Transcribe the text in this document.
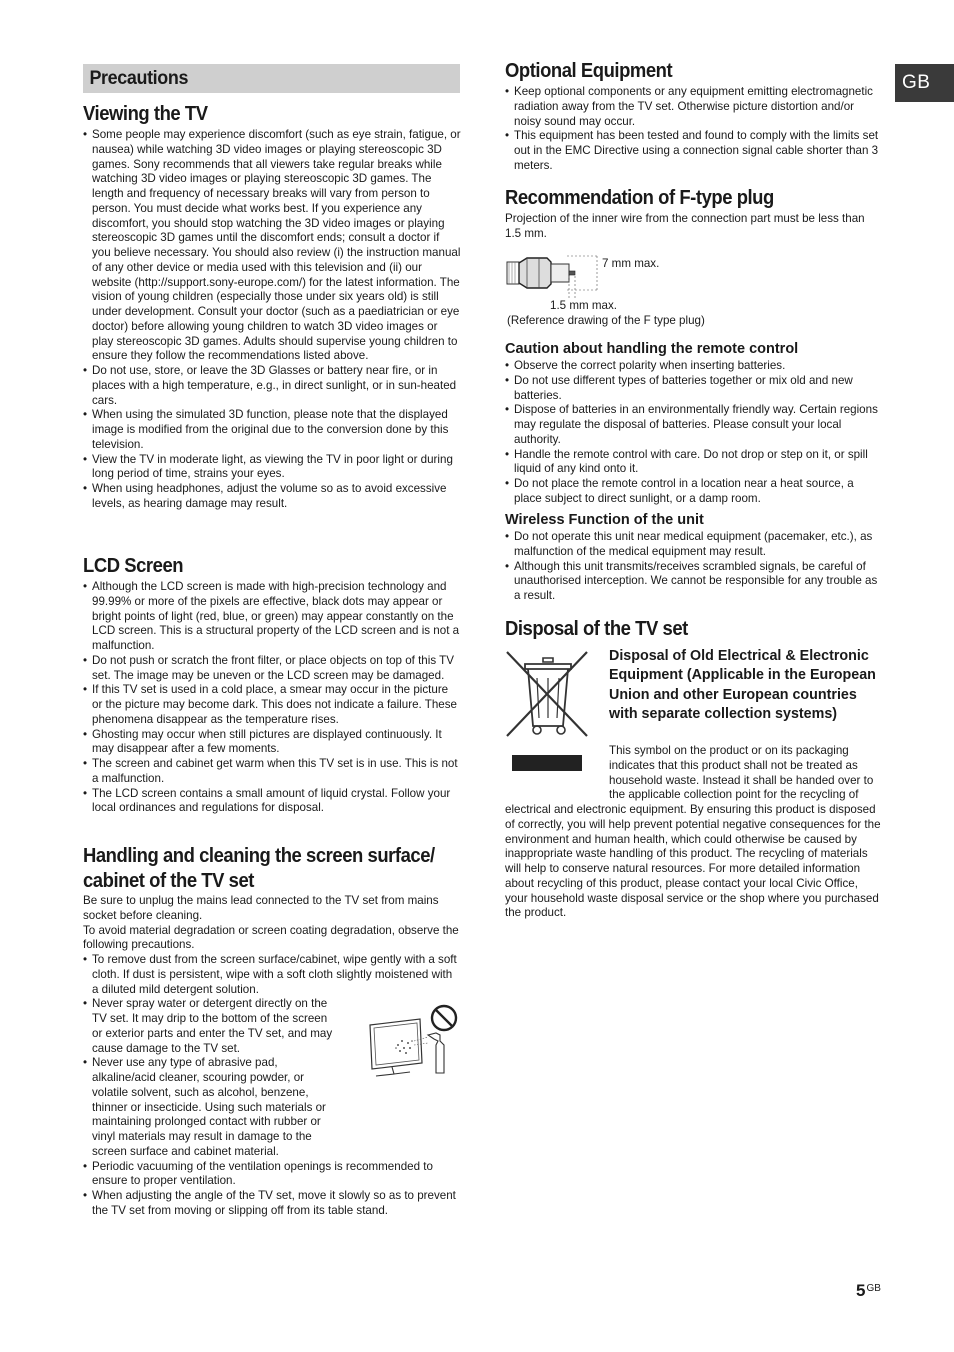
GB
Precautions
Viewing the TV
• Some people may experience discomfort (such as eye strain, fatigue, or nausea) while watching 3D video images or playing stereoscopic 3D games. Sony recommends that all viewers take regular breaks while watching 3D video images or playing stereoscopic 3D games. The length and frequency of necessary breaks will vary from person to person. You must decide what works best. If you experience any discomfort, you should stop watching the 3D video images or playing stereoscopic 3D games until the discomfort ends; consult a doctor if you believe necessary. You should also review (i) the instruction manual of any other device or media used with this television and (ii) our website (http://support.sony-europe.com/) for the latest information. The vision of young children (especially those under six years old) is still under development. Consult your doctor (such as a paediatrician or eye doctor) before allowing young children to watch 3D video images or play stereoscopic 3D games. Adults should supervise young children to ensure they follow the recommendations listed above.
• Do not use, store, or leave the 3D Glasses or battery near fire, or in places with a high temperature, e.g., in direct sunlight, or in sun-heated cars.
• When using the simulated 3D function, please note that the displayed image is modified from the original due to the conversion done by this television.
• View the TV in moderate light, as viewing the TV in poor light or during long period of time, strains your eyes.
• When using headphones, adjust the volume so as to avoid excessive levels, as hearing damage may result.
LCD Screen
• Although the LCD screen is made with high-precision technology and 99.99% or more of the pixels are effective, black dots may appear or bright points of light (red, blue, or green) may appear constantly on the LCD screen. This is a structural property of the LCD screen and is not a malfunction.
• Do not push or scratch the front filter, or place objects on top of this TV set. The image may be uneven or the LCD screen may be damaged.
• If this TV set is used in a cold place, a smear may occur in the picture or the picture may become dark. This does not indicate a failure. These phenomena disappear as the temperature rises.
• Ghosting may occur when still pictures are displayed continuously. It may disappear after a few moments.
• The screen and cabinet get warm when this TV set is in use. This is not a malfunction.
• The LCD screen contains a small amount of liquid crystal. Follow your local ordinances and regulations for disposal.
Handling and cleaning the screen surface/
cabinet of the TV set

Be sure to unplug the mains lead connected to the TV set from mains socket before cleaning.

To avoid material degradation or screen coating degradation, observe the following precautions.

• To remove dust from the screen surface/cabinet, wipe gently with a soft cloth. If dust is persistent, wipe with a soft cloth slightly moistened with a diluted mild detergent solution.
• Never spray water or detergent directly on the TV set. It may drip to the bottom of the screen or exterior parts and enter the TV set, and may cause damage to the TV set.
• Never use any type of abrasive pad, alkaline/acid cleaner, scouring powder, or volatile solvent, such as alcohol, benzene, thinner or insecticide. Using such materials or maintaining prolonged contact with rubber or vinyl materials may result in damage to the screen surface and cabinet material.
• Periodic vacuuming of the ventilation openings is recommended to ensure to proper ventilation.
• When adjusting the angle of the TV set, move it slowly so as to prevent the TV set from moving or slipping off from its table stand.
Optional Equipment
• Keep optional components or any equipment emitting electromagnetic radiation away from the TV set. Otherwise picture distortion and/or noisy sound may occur.
• This equipment has been tested and found to comply with the limits set out in the EMC Directive using a connection signal cable shorter than 3 meters.
Recommendation of F-type plug
Projection of the inner wire from the connection part must be less than 1.5 mm.
7 mm max.
1.5 mm max.
(Reference drawing of the F type plug)
Caution about handling the remote control
• Observe the correct polarity when inserting batteries.
• Do not use different types of batteries together or mix old and new batteries.
• Dispose of batteries in an environmentally friendly way. Certain regions may regulate the disposal of batteries. Please consult your local authority.
• Handle the remote control with care. Do not drop or step on it, or spill liquid of any kind onto it.
• Do not place the remote control in a location near a heat source, a place subject to direct sunlight, or a damp room.
Wireless Function of the unit
• Do not operate this unit near medical equipment (pacemaker, etc.), as malfunction of the medical equipment may result.
• Although this unit transmits/receives scrambled signals, be careful of unauthorised interception. We cannot be responsible for any trouble as a result.
Disposal of the TV set
Disposal of Old Electrical & Electronic Equipment (Applicable in the European Union and other European countries with separate collection systems)

This symbol on the product or on its packaging indicates that this product shall not be treated as household waste. Instead it shall be handed over to the applicable collection point for the recycling of electrical and electronic equipment. By ensuring this product is disposed of correctly, you will help prevent potential negative consequences for the environment and human health, which could otherwise be caused by inappropriate waste handling of this product. The recycling of materials will help to conserve natural resources. For more detailed information about recycling of this product, please contact your local Civic Office, your household waste disposal service or the shop where you purchased the product.

$5^{GB}$
